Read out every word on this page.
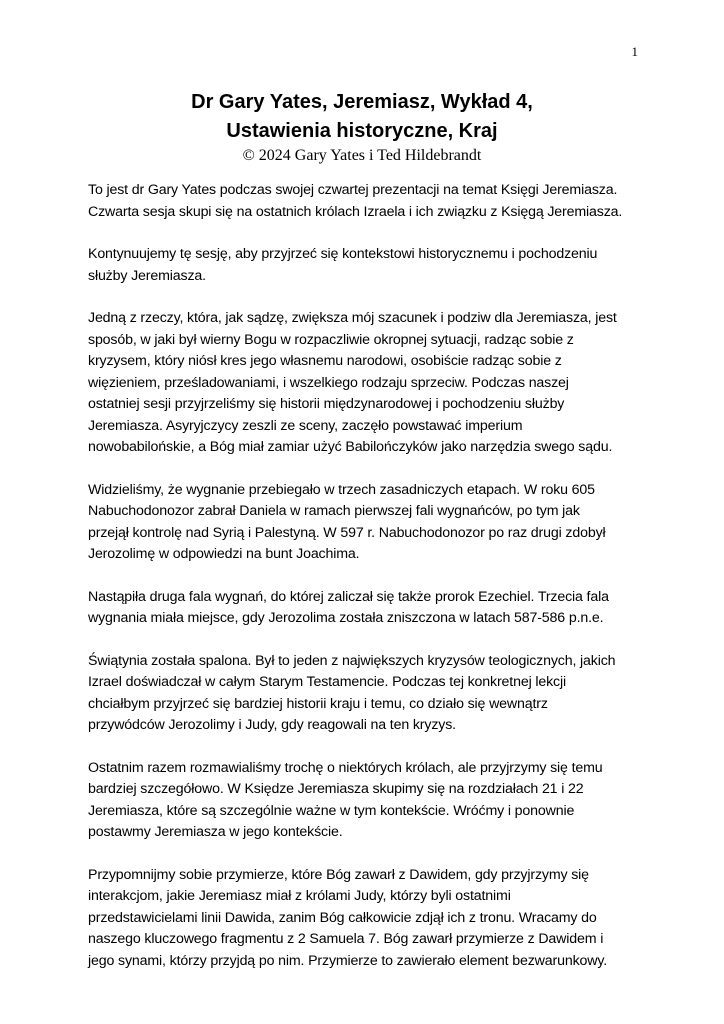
1

Dr Gary Yates, Jeremiasz, Wykład 4,

Ustawienia historyczne, Kraj

© 2024 Gary Yates i Ted Hildebrandt

To jest dr Gary Yates podczas swojej czwartej prezentacji na temat Księgi Jeremiasza.
Czwarta sesja skupi się na ostatnich królach Izraela i ich związku z Księgą Jeremiasza.

Kontynuujemy tę sesję, aby przyjrzeć się kontekstowi historycznemu i pochodzeniu
służby Jeremiasza.

Jedną z rzeczy, która, jak sądzę, zwiększa mój szacunek i podziw dla Jeremiasza, jest
sposób, w jaki był wierny Bogu w rozpaczliwie okropnej sytuacji, radząc sobie z
kryzysem, który niósł kres jego własnemu narodowi, osobiście radząc sobie z
więzieniem, prześladowaniami, i wszelkiego rodzaju sprzeciw. Podczas naszej
ostatniej sesji przyjrzeliśmy się historii międzynarodowej i pochodzeniu służby
Jeremiasza. Asyryjczycy zeszli ze sceny, zaczęło powstawać imperium
nowobabilońskie, a Bóg miał zamiar użyć Babilończyków jako narzędzia swego sądu.

Widzieliśmy, że wygnanie przebiegało w trzech zasadniczych etapach. W roku 605
Nabuchodonozor zabrał Daniela w ramach pierwszej fali wygnańców, po tym jak
przejął kontrolę nad Syrią i Palestyną. W 597 r. Nabuchodonozor po raz drugi zdobył
Jerozolimę w odpowiedzi na bunt Joachima.

Nastąpiła druga fala wygnań, do której zaliczał się także prorok Ezechiel. Trzecia fala
wygnania miała miejsce, gdy Jerozolima została zniszczona w latach 587-586 p.n.e.

Świątynia została spalona. Był to jeden z największych kryzysów teologicznych, jakich
Izrael doświadczał w całym Starym Testamencie. Podczas tej konkretnej lekcji
chciałbym przyjrzeć się bardziej historii kraju i temu, co działo się wewnątrz
przywódców Jerozolimy i Judy, gdy reagowali na ten kryzys.

Ostatnim razem rozmawialiśmy trochę o niektórych królach, ale przyjrzymy się temu
bardziej szczegółowo. W Księdze Jeremiasza skupimy się na rozdziałach 21 i 22
Jeremiasza, które są szczególnie ważne w tym kontekście. Wróćmy i ponownie
postawmy Jeremiasza w jego kontekście.

Przypomnijmy sobie przymierze, które Bóg zawarł z Dawidem, gdy przyjrzymy się
interakcjom, jakie Jeremiasz miał z królami Judy, którzy byli ostatnimi
przedstawicielami linii Dawida, zanim Bóg całkowicie zdjął ich z tronu. Wracamy do
naszego kluczowego fragmentu z 2 Samuela 7. Bóg zawarł przymierze z Dawidem i
jego synami, którzy przyjdą po nim. Przymierze to zawierało element bezwarunkowy.
